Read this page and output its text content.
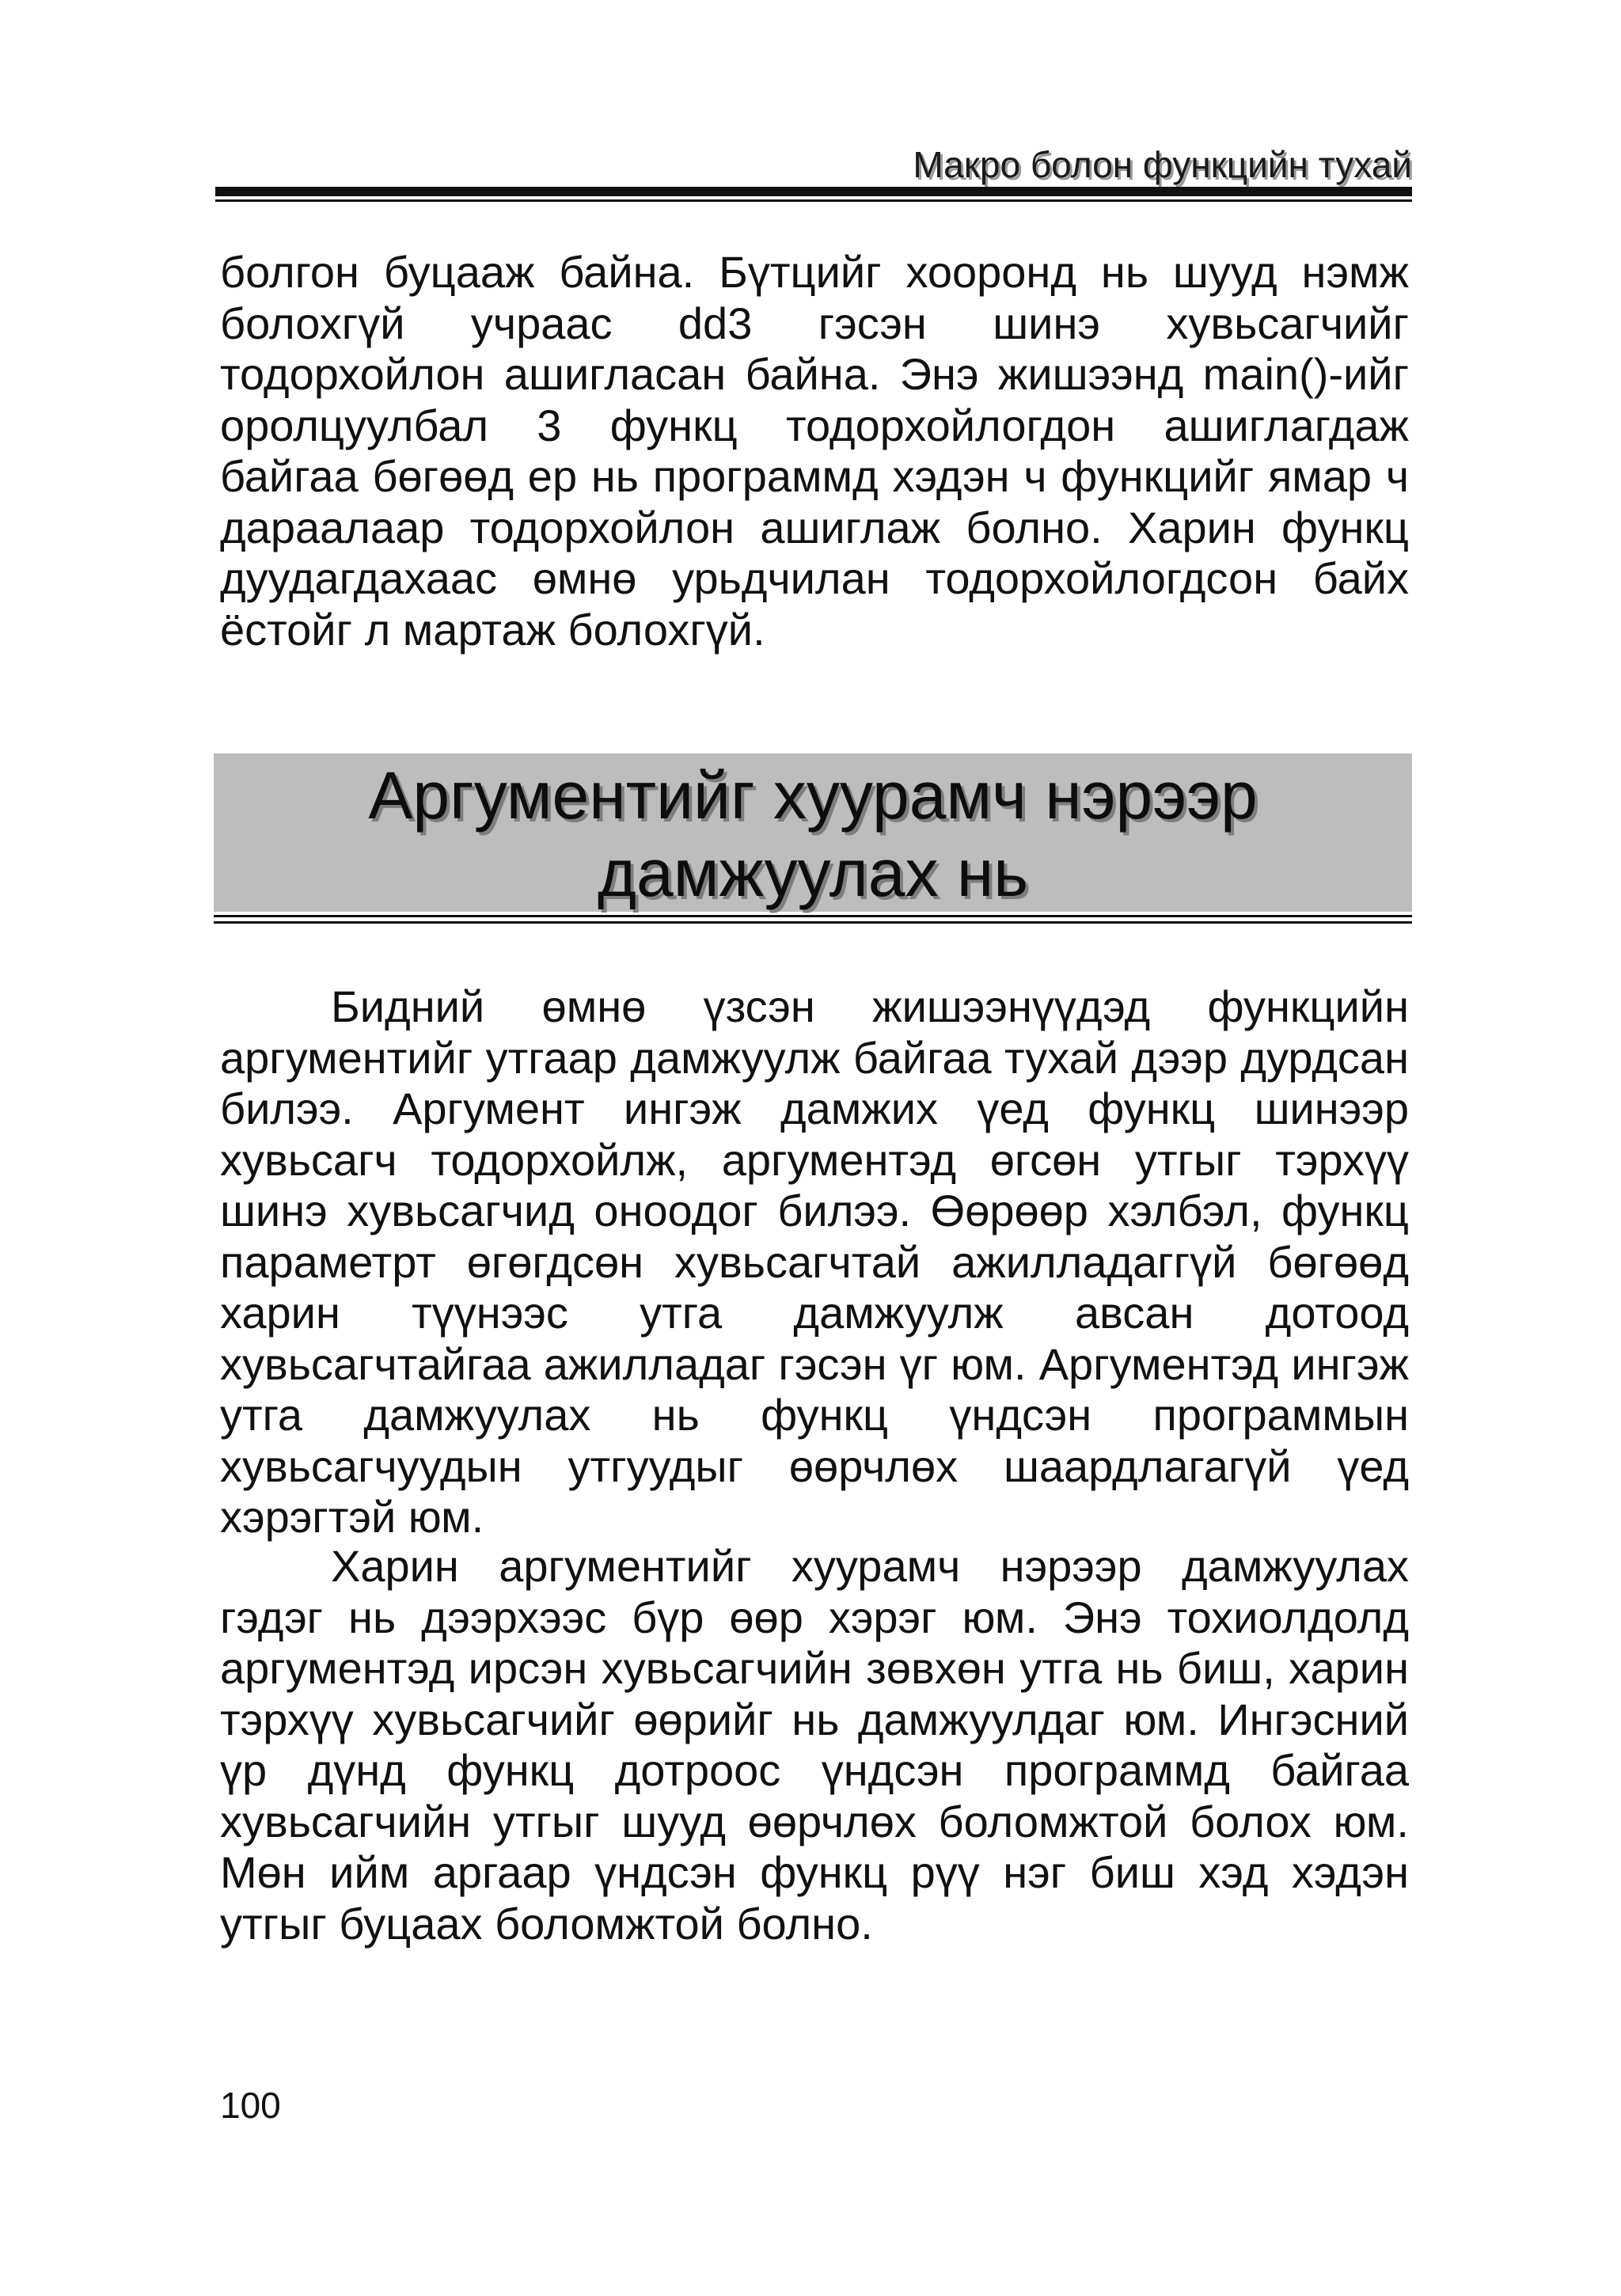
Макро болон функцийн тухай

болгон буцааж байна. Бүтцийг хооронд нь шууд нэмж болохгүй учраас dd3 гэсэн шинэ хувьсагчийг тодорхойлон ашигласан байна. Энэ жишээнд main()-ийг оролцуулбал 3 функц тодорхойлогдон ашиглагдаж байгаа бөгөөд ер нь программд хэдэн ч функцийг ямар ч дараалаар тодорхойлон ашиглаж болно. Харин функц дуудагдахаас өмнө урьдчилан тодорхойлогдсон байх ёстойг л мартаж болохгүй.

Аргументийг хуурамч нэрээр
дамжуулах нь

Бидний өмнө үзсэн жишээнүүдэд функцийн аргументийг утгаар дамжуулж байгаа тухай дээр дурдсан билээ. Аргумент ингэж дамжих үед функц шинээр хувьсагч тодорхойлж, аргументэд өгсөн утгыг тэрхүү шинэ хувьсагчид оноодог билээ. Өөрөөр хэлбэл, функц параметрт өгөгдсөн хувьсагчтай ажилладаггүй бөгөөд харин түүнээс утга дамжуулж авсан дотоод хувьсагчтайгаа ажилладаг гэсэн үг юм. Аргументэд ингэж утга дамжуулах нь функц үндсэн программын хувьсагчуудын утгуудыг өөрчлөх шаардлагагүй үед хэрэгтэй юм.

Харин аргументийг хуурамч нэрээр дамжуулах гэдэг нь дээрхээс бүр өөр хэрэг юм. Энэ тохиолдолд аргументэд ирсэн хувьсагчийн зөвхөн утга нь биш, харин тэрхүү хувьсагчийг өөрийг нь дамжуулдаг юм. Ингэсний үр дүнд функц дотроос үндсэн программд байгаа хувьсагчийн утгыг шууд өөрчлөх боломжтой болох юм. Мөн ийм аргаар үндсэн функц рүү нэг биш хэд хэдэн утгыг буцаах боломжтой болно.

100
